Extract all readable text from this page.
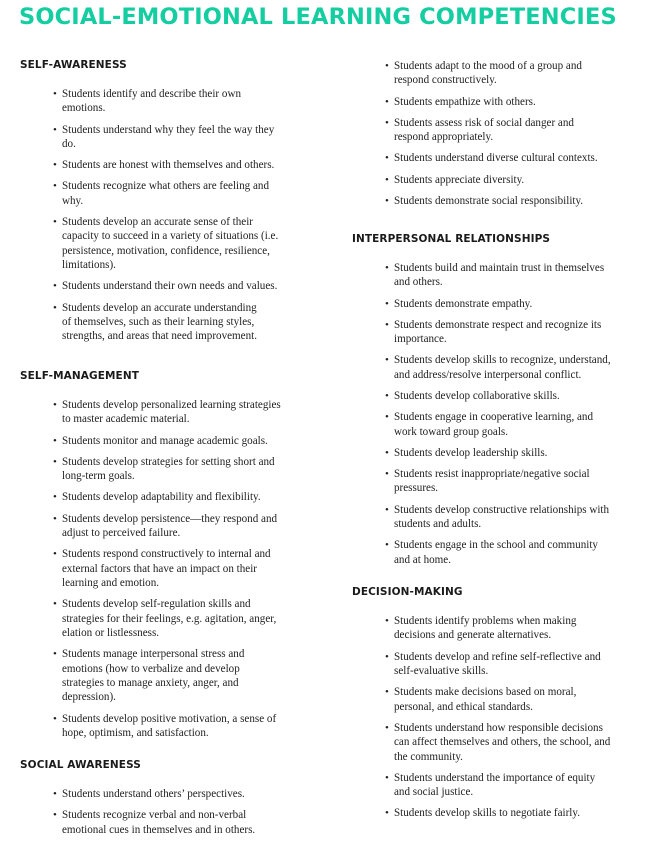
SOCIAL-EMOTIONAL LEARNING COMPETENCIES
SELF-AWARENESS
• Students identify and describe their own
emotions.
• Students understand why they feel the way they
do.
• Students are honest with themselves and others.
• Students recognize what others are feeling and
why.
• Students develop an accurate sense of their
capacity to succeed in a variety of situations (i.e.
persistence, motivation, confidence, resilience,
limitations).
• Students understand their own needs and values.
• Students develop an accurate understanding
of themselves, such as their learning styles,
strengths, and areas that need improvement.
SELF-MANAGEMENT
• Students develop personalized learning strategies
to master academic material.
• Students monitor and manage academic goals.
• Students develop strategies for setting short and
long-term goals.
• Students develop adaptability and flexibility.
• Students develop persistence—they respond and
adjust to perceived failure.
• Students respond constructively to internal and
external factors that have an impact on their
learning and emotion.
• Students develop self-regulation skills and
strategies for their feelings, e.g. agitation, anger,
elation or listlessness.
• Students manage interpersonal stress and
emotions (how to verbalize and develop
strategies to manage anxiety, anger, and
depression).
• Students develop positive motivation, a sense of
hope, optimism, and satisfaction.
SOCIAL AWARENESS
• Students understand others’ perspectives.
• Students recognize verbal and non-verbal
emotional cues in themselves and in others.
• Students adapt to the mood of a group and
respond constructively.
• Students empathize with others.
• Students assess risk of social danger and
respond appropriately.
• Students understand diverse cultural contexts.
• Students appreciate diversity.
• Students demonstrate social responsibility.
INTERPERSONAL RELATIONSHIPS
• Students build and maintain trust in themselves
and others.
• Students demonstrate empathy.
• Students demonstrate respect and recognize its
importance.
• Students develop skills to recognize, understand,
and address/resolve interpersonal conflict.
• Students develop collaborative skills.
• Students engage in cooperative learning, and
work toward group goals.
• Students develop leadership skills.
• Students resist inappropriate/negative social
pressures.
• Students develop constructive relationships with
students and adults.
• Students engage in the school and community
and at home.
DECISION-MAKING
• Students identify problems when making
decisions and generate alternatives.
• Students develop and refine self-reflective and
self-evaluative skills.
• Students make decisions based on moral,
personal, and ethical standards.
• Students understand how responsible decisions
can affect themselves and others, the school, and
the community.
• Students understand the importance of equity
and social justice.
• Students develop skills to negotiate fairly.
